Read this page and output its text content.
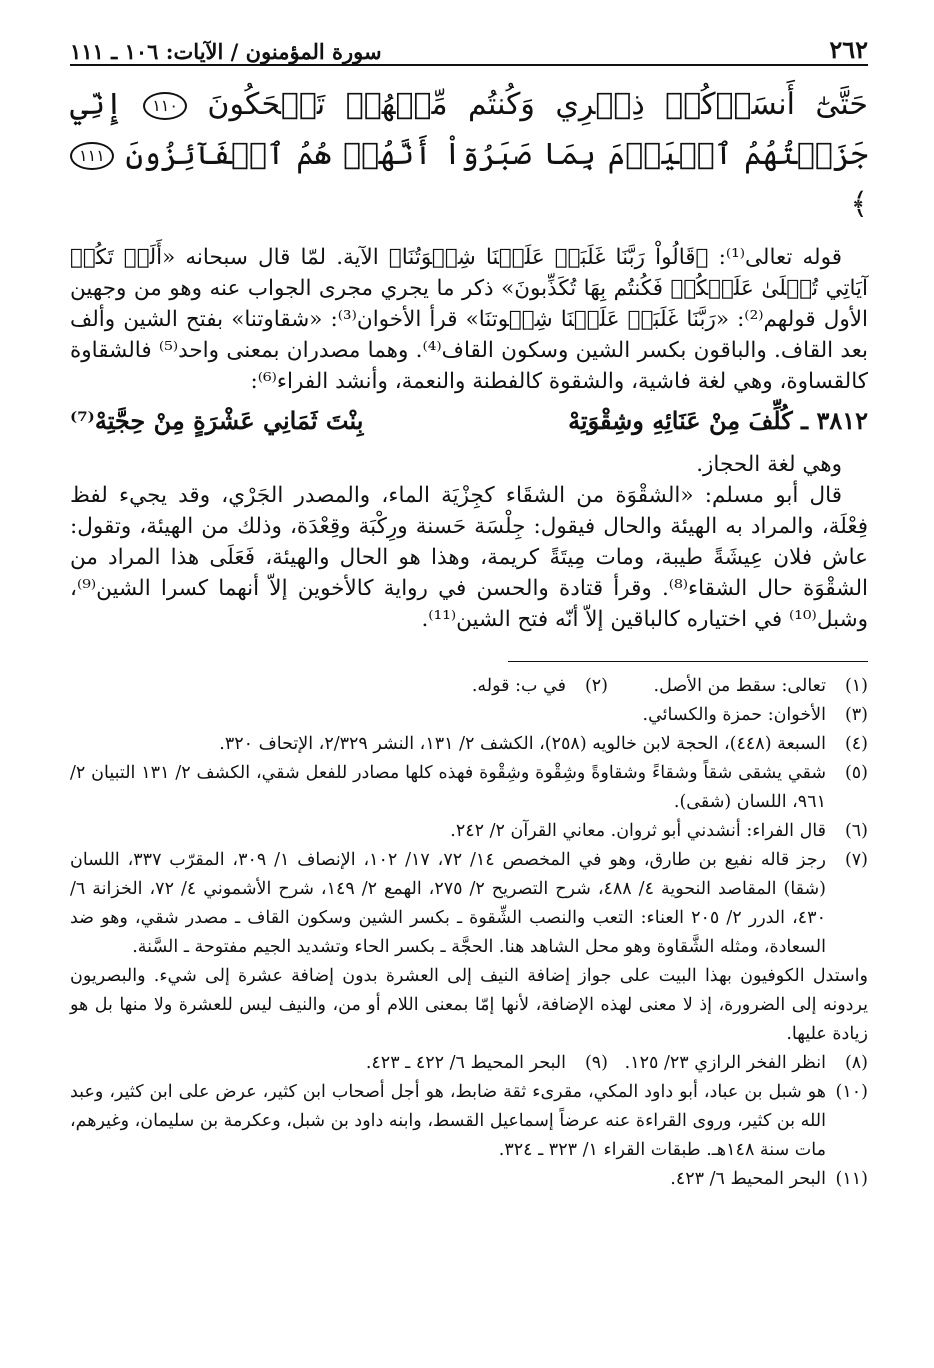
٢٦٢
سورة المؤمنون / الآيات: ١٠٦ ـ ١١١
حَتَّىٰٓ أَنسَوۡكُمۡ ذِكۡرِي وَكُنتُم مِّنۡهُمۡ تَضۡحَكُونَ ١١٠ إِنِّي جَزَيۡتُهُمُ ٱلۡيَوۡمَ بِمَا صَبَرُوٓاْ أَنَّهُمۡ هُمُ ٱلۡفَآئِزُونَ ١١١ ﴾

قوله تعالى⁽¹⁾: ﴿قَالُواْ رَبَّنَا غَلَبَتۡ عَلَيۡنَا شِقۡوَتُنَا﴾ الآية. لمّا قال سبحانه «أَلَمۡ تَكُنۡ آيَاتِي تُتۡلَىٰ عَلَيۡكُمۡ فَكُنتُم بِهَا تُكَذِّبونَ» ذكر ما يجري مجرى الجواب عنه وهو من وجهين الأول قولهم⁽²⁾: «رَبَّنَا غَلَبَتۡ عَلَيۡنَا شِقۡوتنَا» قرأ الأخوان⁽³⁾: «شقاوتنا» بفتح الشين وألف بعد القاف. والباقون بكسر الشين وسكون القاف⁽⁴⁾. وهما مصدران بمعنى واحد⁽⁵⁾ فالشقاوة كالقساوة، وهي لغة فاشية، والشقوة كالفطنة والنعمة، وأنشد الفراء⁽⁶⁾:

٣٨١٢ ـ كُلِّفَ مِنْ عَنَائِهِ وشِقْوَتِهْ
بِنْتَ ثَمَانِي عَشْرَةٍ مِنْ حِجَّتِهْ⁽⁷⁾

وهي لغة الحجاز.

قال أبو مسلم: «الشقْوَة من الشقَاء كجِزْيَة الماء، والمصدر الجَرْي، وقد يجيء لفظ فِعْلَة، والمراد به الهيئة والحال فيقول: جِلْسَة حَسنة ورِكْبَة وقِعْدَة، وذلك من الهيئة، وتقول: عاش فلان عِيشَةً طيبة، ومات مِيتَةً كريمة، وهذا هو الحال والهيئة، فَعَلَى هذا المراد من الشقْوَة حال الشقاء⁽⁸⁾. وقرأ قتادة والحسن في رواية كالأخوين إلاّ أنهما كسرا الشين⁽⁹⁾، وشبل⁽¹⁰⁾ في اختياره كالباقين إلاّ أنّه فتح الشين⁽¹¹⁾.

(١)
تعالى: سقط من الأصل.
(٢)
في ب: قوله.
(٣)
الأخوان: حمزة والكسائي.
(٤)
السبعة (٤٤٨)، الحجة لابن خالويه (٢٥٨)، الكشف ٢/ ١٣١، النشر ٢/٣٢٩، الإتحاف ٣٢٠.
(٥)
شقي يشقى شقاً وشقاءً وشقاوةً وشِقْوة وشِقْوة فهذه كلها مصادر للفعل شقي، الكشف ٢/ ١٣١ التبيان ٢/ ٩٦١، اللسان (شقى).
(٦)
قال الفراء: أنشدني أبو ثروان. معاني القرآن ٢/ ٢٤٢.
(٧)
رجز قاله نفيع بن طارق، وهو في المخصص ١٤/ ٧٢، ١٧/ ١٠٢، الإنصاف ١/ ٣٠٩، المقرّب ٣٣٧، اللسان (شقا) المقاصد النحوية ٤/ ٤٨٨، شرح التصريح ٢/ ٢٧٥، الهمع ٢/ ١٤٩، شرح الأشموني ٤/ ٧٢، الخزانة ٦/ ٤٣٠، الدرر ٢/ ٢٠٥ العناء: التعب والنصب الشِّقوة ـ بكسر الشين وسكون القاف ـ مصدر شقي، وهو ضد السعادة، ومثله الشَّقاوة وهو محل الشاهد هنا. الحجَّة ـ بكسر الحاء وتشديد الجيم مفتوحة ـ السَّنة.
واستدل الكوفيون بهذا البيت على جواز إضافة النيف إلى العشرة بدون إضافة عشرة إلى شيء. والبصريون يردونه إلى الضرورة، إذ لا معنى لهذه الإضافة، لأنها إمّا بمعنى اللام أو من، والنيف ليس للعشرة ولا منها بل هو زيادة عليها.
(٨)
انظر الفخر الرازي ٢٣/ ١٢٥.
(٩)
البحر المحيط ٦/ ٤٢٢ ـ ٤٢٣.
(١٠)
هو شبل بن عباد، أبو داود المكي، مقرىء ثقة ضابط، هو أجل أصحاب ابن كثير، عرض على ابن كثير، وعبد الله بن كثير، وروى القراءة عنه عرضاً إسماعيل القسط، وابنه داود بن شبل، وعكرمة بن سليمان، وغيرهم، مات سنة ١٤٨هـ. طبقات القراء ١/ ٣٢٣ ـ ٣٢٤.
(١١)
البحر المحيط ٦/ ٤٢٣.
